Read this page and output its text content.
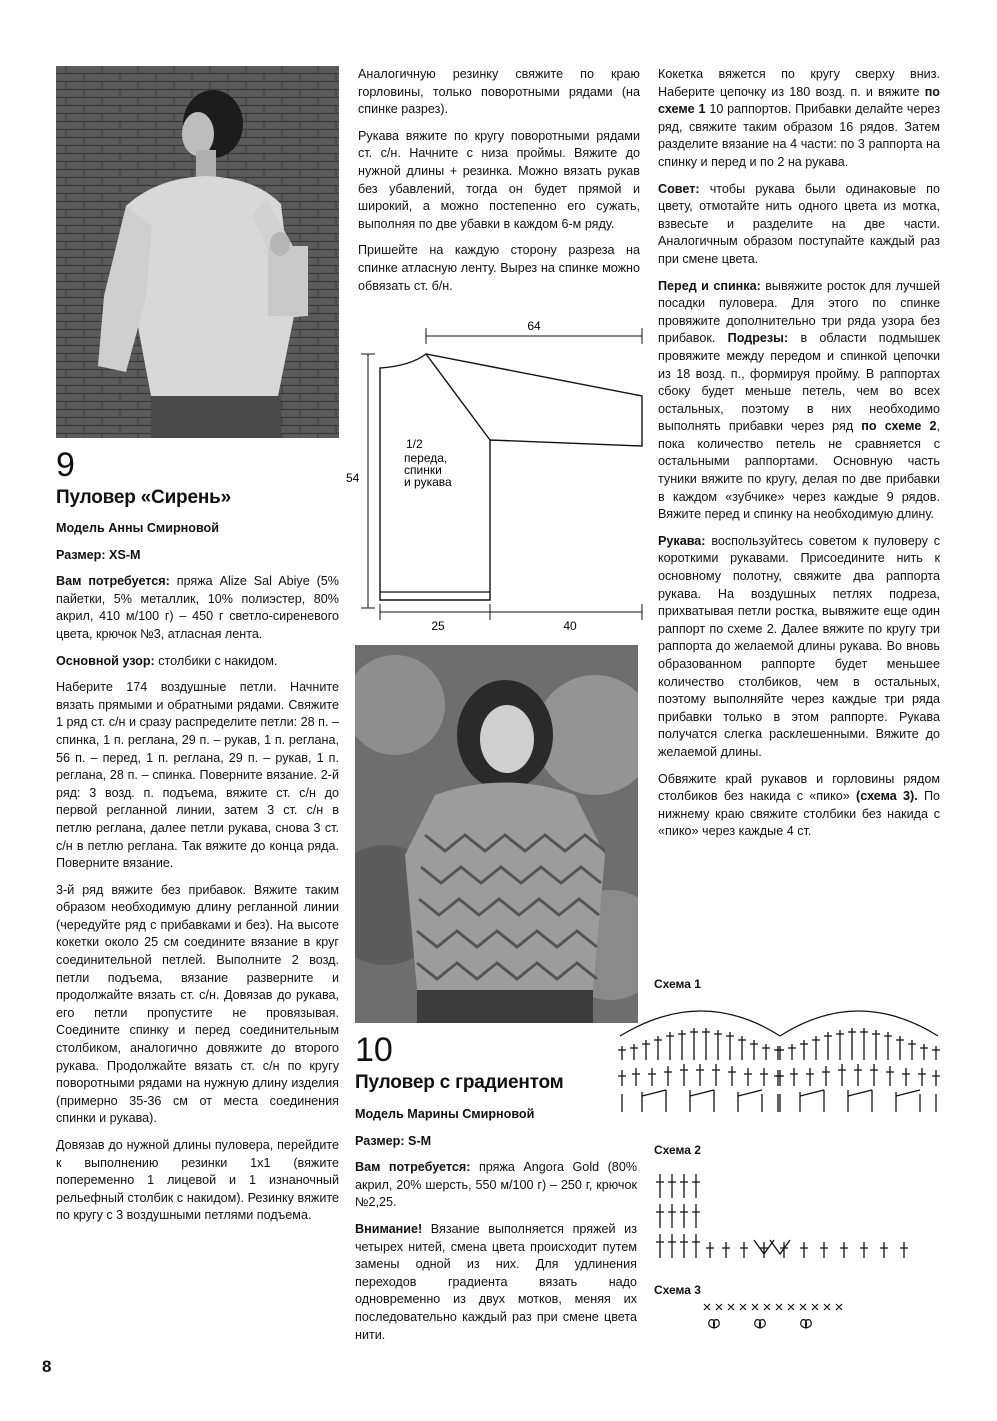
9
Пуловер «Сирень»

Модель Анны Смирновой

Размер: XS-M

Вам потребуется: пряжа Alize Sal Abiye (5% пайетки, 5% металлик, 10% полиэстер, 80% акрил, 410 м/100 г) – 450 г светло-сиреневого цвета, крючок №3, атласная лента.

Основной узор: столбики с накидом.

Наберите 174 воздушные петли. Начните вязать прямыми и обратными рядами. Свяжите 1 ряд ст. с/н и сразу распределите петли: 28 п. – спинка, 1 п. реглана, 29 п. – рукав, 1 п. реглана, 56 п. – перед, 1 п. реглана, 29 п. – рукав, 1 п. реглана, 28 п. – спинка. Поверните вязание. 2-й ряд: 3 возд. п. подъема, вяжите ст. с/н до первой регланной линии, затем 3 ст. с/н в петлю реглана, далее петли рукава, снова 3 ст. с/н в петлю реглана. Так вяжите до конца ряда. Поверните вязание.

3-й ряд вяжите без прибавок. Вяжите таким образом необходимую длину регланной линии (чередуйте ряд с прибавками и без). На высоте кокетки около 25 см соедините вязание в круг соединительной петлей. Выполните 2 возд. петли подъема, вязание разверните и продолжайте вязать ст. с/н. Довязав до рукава, его петли пропустите не провязывая. Соедините спинку и перед соединительным столбиком, аналогично довяжите до второго рукава. Продолжайте вязать ст. с/н по кругу поворотными рядами на нужную длину изделия (примерно 35-36 см от места соединения спинки и рукава).

Довязав до нужной длины пуловера, перейдите к выполнению резинки 1х1 (вяжите попеременно 1 лицевой и 1 изнаночный рельефный столбик с накидом). Резинку вяжите по кругу с 3 воздушными петлями подъема.

Аналогичную резинку свяжите по краю горловины, только поворотными рядами (на спинке разрез).

Рукава вяжите по кругу поворотными рядами ст. с/н. Начните с низа проймы. Вяжите до нужной длины + резинка. Можно вязать рукав без убавлений, тогда он будет прямой и широкий, а можно постепенно его сужать, выполняя по две убавки в каждом 6-м ряду.

Пришейте на каждую сторону разреза на спинке атласную ленту. Вырез на спинке можно обвязать ст. б/н.

64
54
25	40
1/2
переда,
спинки
и рукава
10
Пуловер с градиентом

Модель Марины Смирновой

Размер: S-M

Вам потребуется: пряжа Angora Gold (80% акрил, 20% шерсть, 550 м/100 г) – 250 г, крючок №2,25.

Внимание! Вязание выполняется пряжей из четырех нитей, смена цвета происходит путем замены одной из них. Для удлинения переходов градиента вязать надо одновременно из двух мотков, меняя их последовательно каждый раз при смене цвета нити.

Кокетка вяжется по кругу сверху вниз. Наберите цепочку из 180 возд. п. и вяжите по схеме 1 10 раппортов. Прибавки делайте через ряд, свяжите таким образом 16 рядов. Затем разделите вязание на 4 части: по 3 раппорта на спинку и перед и по 2 на рукава.

Совет: чтобы рукава были одинаковые по цвету, отмотайте нить одного цвета из мотка, взвесьте и разделите на две части. Аналогичным образом поступайте каждый раз при смене цвета.

Перед и спинка: вывяжите росток для лучшей посадки пуловера. Для этого по спинке провяжите дополнительно три ряда узора без прибавок. Подрезы: в области подмышек провяжите между передом и спинкой цепочки из 18 возд. п., формируя пройму. В раппортах сбоку будет меньше петель, чем во всех остальных, поэтому в них необходимо выполнять прибавки через ряд по схеме 2, пока количество петель не сравняется с остальными раппортами. Основную часть туники вяжите по кругу, делая по две прибавки в каждом «зубчике» через каждые 9 рядов. Вяжите перед и спинку на необходимую длину.

Рукава: воспользуйтесь советом к пуловеру с короткими рукавами. Присоедините нить к основному полотну, свяжите два раппорта рукава. На воздушных петлях подреза, прихватывая петли ростка, вывяжите еще один раппорт по схеме 2. Далее вяжите по кругу три раппорта до желаемой длины рукава. Во вновь образованном раппорте будет меньшее количество столбиков, чем в остальных, поэтому выполняйте через каждые три ряда прибавки только в этом раппорте. Рукава получатся слегка расклешенными. Вяжите до желаемой длины.

Обвяжите край рукавов и горловины рядом столбиков без накида с «пико» (схема 3). По нижнему краю свяжите столбики без накида с «пико» через каждые 4 ст.

Схема 1
Схема 2
Схема 3
8
